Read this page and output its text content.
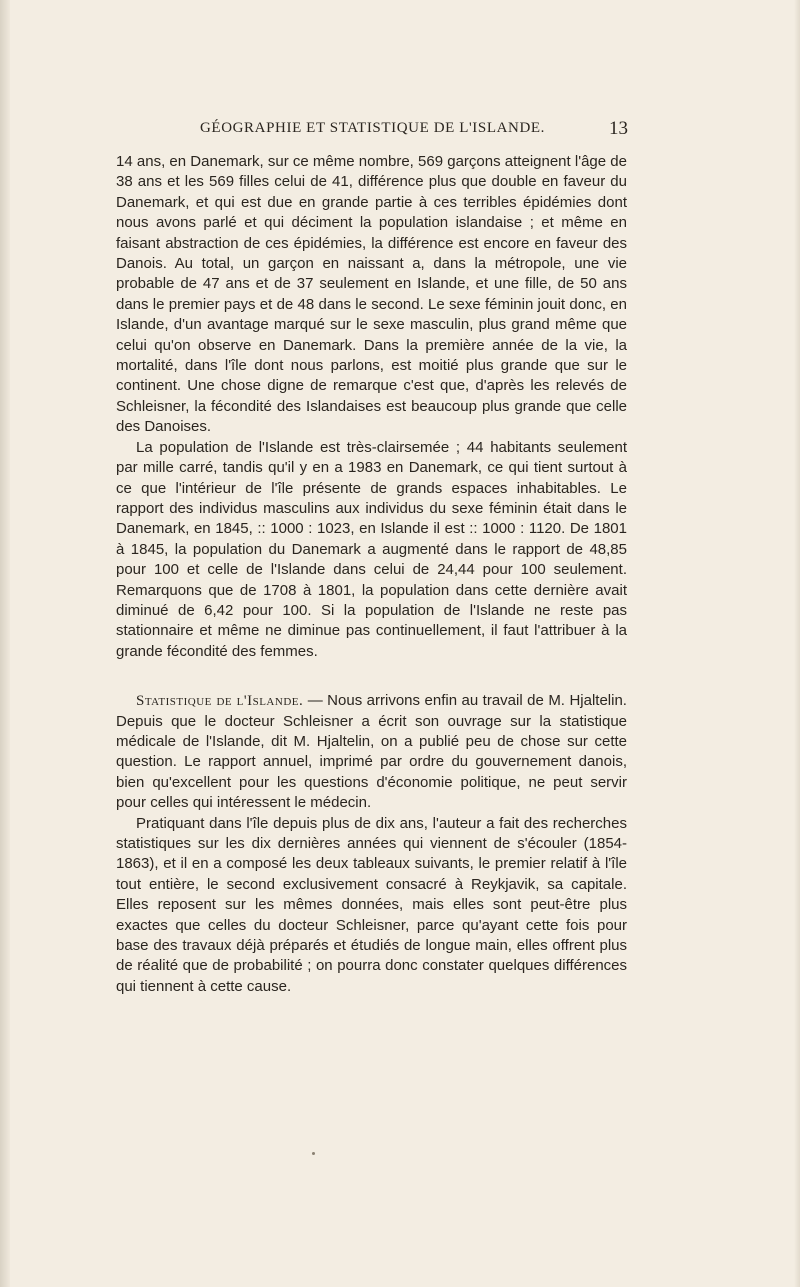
GÉOGRAPHIE ET STATISTIQUE DE L'ISLANDE.	13

14 ans, en Danemark, sur ce même nombre, 569 garçons atteignent l'âge de 38 ans et les 569 filles celui de 41, différence plus que double en faveur du Danemark, et qui est due en grande partie à ces terribles épidémies dont nous avons parlé et qui déciment la population islandaise ; et même en faisant abstraction de ces épidémies, la différence est encore en faveur des Danois. Au total, un garçon en naissant a, dans la métropole, une vie probable de 47 ans et de 37 seulement en Islande, et une fille, de 50 ans dans le premier pays et de 48 dans le second. Le sexe féminin jouit donc, en Islande, d'un avantage marqué sur le sexe masculin, plus grand même que celui qu'on observe en Danemark. Dans la première année de la vie, la mortalité, dans l'île dont nous parlons, est moitié plus grande que sur le continent. Une chose digne de remarque c'est que, d'après les relevés de Schleisner, la fécondité des Islandaises est beaucoup plus grande que celle des Danoises.

La population de l'Islande est très-clairsemée ; 44 habitants seulement par mille carré, tandis qu'il y en a 1983 en Danemark, ce qui tient surtout à ce que l'intérieur de l'île présente de grands espaces inhabitables. Le rapport des individus masculins aux individus du sexe féminin était dans le Danemark, en 1845, :: 1000 : 1023, en Islande il est :: 1000 : 1120. De 1801 à 1845, la population du Danemark a augmenté dans le rapport de 48,85 pour 100 et celle de l'Islande dans celui de 24,44 pour 100 seulement. Remarquons que de 1708 à 1801, la population dans cette dernière avait diminué de 6,42 pour 100. Si la population de l'Islande ne reste pas stationnaire et même ne diminue pas continuellement, il faut l'attribuer à la grande fécondité des femmes.

Statistique de l'Islande. — Nous arrivons enfin au travail de M. Hjaltelin. Depuis que le docteur Schleisner a écrit son ouvrage sur la statistique médicale de l'Islande, dit M. Hjaltelin, on a publié peu de chose sur cette question. Le rapport annuel, imprimé par ordre du gouvernement danois, bien qu'excellent pour les questions d'économie politique, ne peut servir pour celles qui intéressent le médecin.

Pratiquant dans l'île depuis plus de dix ans, l'auteur a fait des recherches statistiques sur les dix dernières années qui viennent de s'écouler (1854-1863), et il en a composé les deux tableaux suivants, le premier relatif à l'île tout entière, le second exclusivement consacré à Reykjavik, sa capitale. Elles reposent sur les mêmes données, mais elles sont peut-être plus exactes que celles du docteur Schleisner, parce qu'ayant cette fois pour base des travaux déjà préparés et étudiés de longue main, elles offrent plus de réalité que de probabilité ; on pourra donc constater quelques différences qui tiennent à cette cause.
